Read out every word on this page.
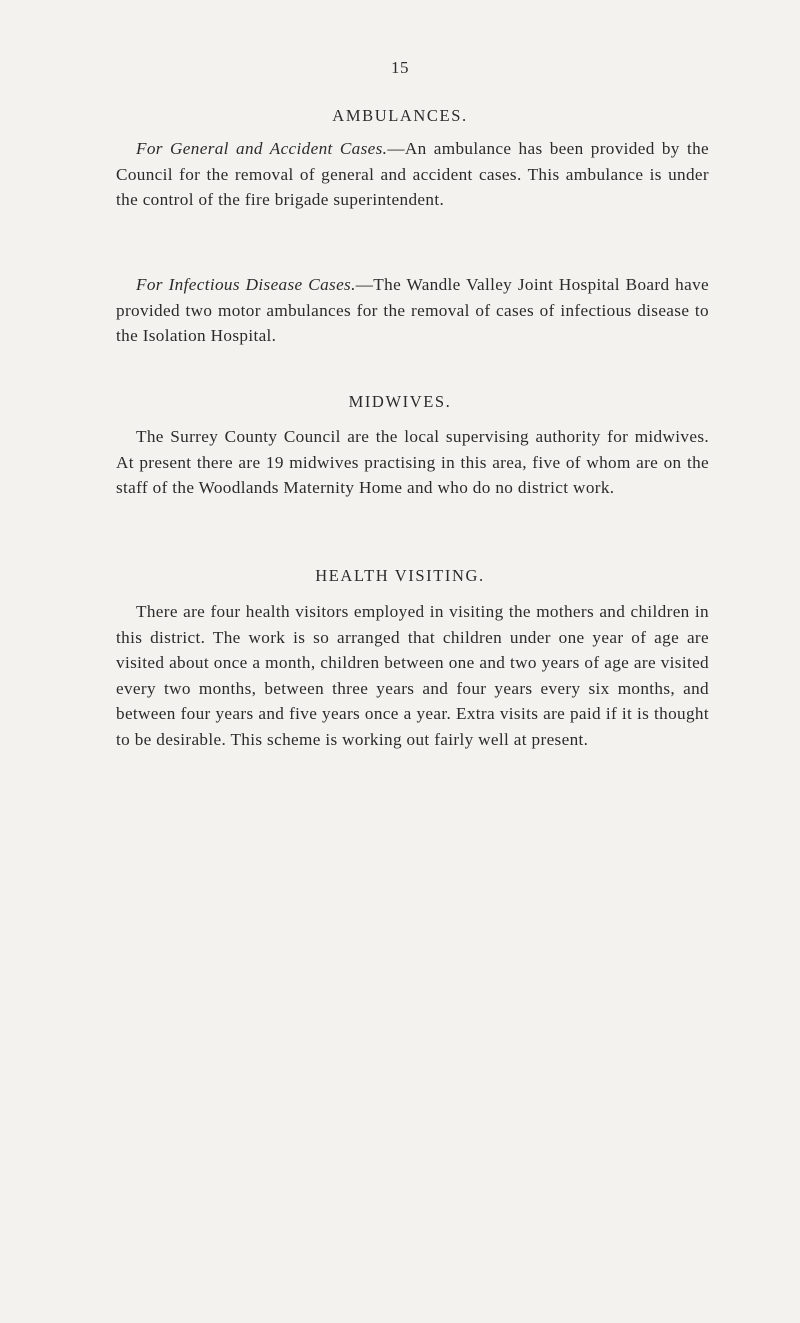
15
AMBULANCES.

For General and Accident Cases.—An ambulance has been provided by the Council for the removal of general and accident cases. This ambulance is under the control of the fire brigade superintendent.

For Infectious Disease Cases.—The Wandle Valley Joint Hospital Board have provided two motor ambulances for the removal of cases of infectious disease to the Isolation Hospital.

MIDWIVES.

The Surrey County Council are the local supervising authority for midwives. At present there are 19 midwives practising in this area, five of whom are on the staff of the Woodlands Maternity Home and who do no district work.

HEALTH VISITING.

There are four health visitors employed in visiting the mothers and children in this district. The work is so arranged that children under one year of age are visited about once a month, children between one and two years of age are visited every two months, between three years and four years every six months, and between four years and five years once a year. Extra visits are paid if it is thought to be desirable. This scheme is working out fairly well at present.
